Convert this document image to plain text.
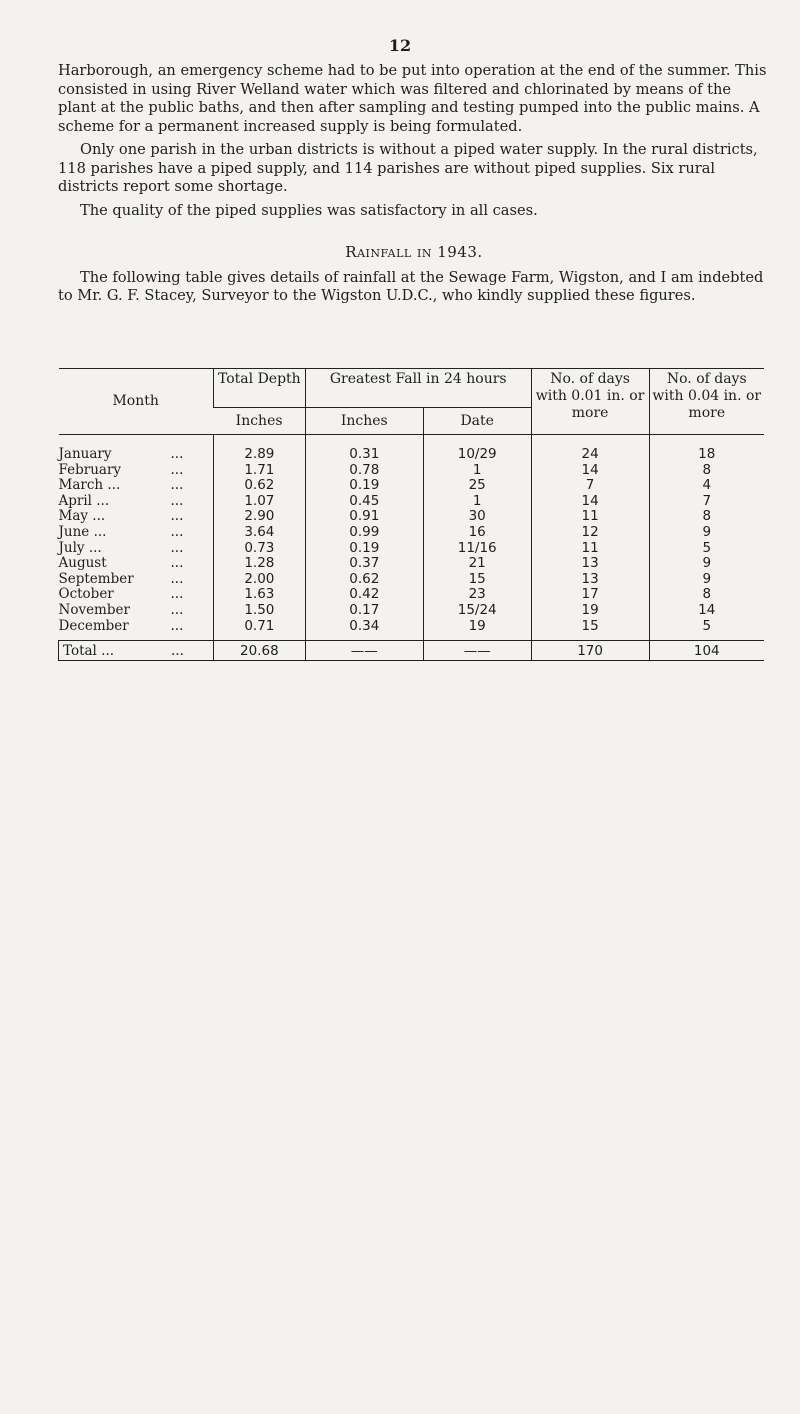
12

Harborough, an emergency scheme had to be put into operation at the end of the summer. This consisted in using River Welland water which was filtered and chlorinated by means of the plant at the public baths, and then after sampling and testing pumped into the public mains. A scheme for a permanent increased supply is being formulated.

Only one parish in the urban districts is without a piped water supply. In the rural districts, 118 parishes have a piped supply, and 114 parishes are without piped supplies. Six rural districts report some shortage.

The quality of the piped supplies was satisfactory in all cases.

Rainfall in 1943.

The following table gives details of rainfall at the Sewage Farm, Wigston, and I am indebted to Mr. G. F. Stacey, Surveyor to the Wigston U.D.C., who kindly supplied these figures.

Month	Total Depth	Greatest Fall in 24 hours		No. of days with 0.01 in. or more	No. of days with 0.04 in. or more
	Inches	Inches	Date		
January ...	2.89	0.31	10/29	24	18
February ...	1.71	0.78	1	14	8
March ... ...	0.62	0.19	25	7	4
April ... ...	1.07	0.45	1	14	7
May ... ...	2.90	0.91	30	11	8
June ... ...	3.64	0.99	16	12	9
July ... ...	0.73	0.19	11/16	11	5
August ...	1.28	0.37	21	13	9
September ...	2.00	0.62	15	13	9
October ...	1.63	0.42	23	17	8
November ...	1.50	0.17	15/24	19	14
December ...	0.71	0.34	19	15	5
Total ... ...	20.68	——	——	170	104
